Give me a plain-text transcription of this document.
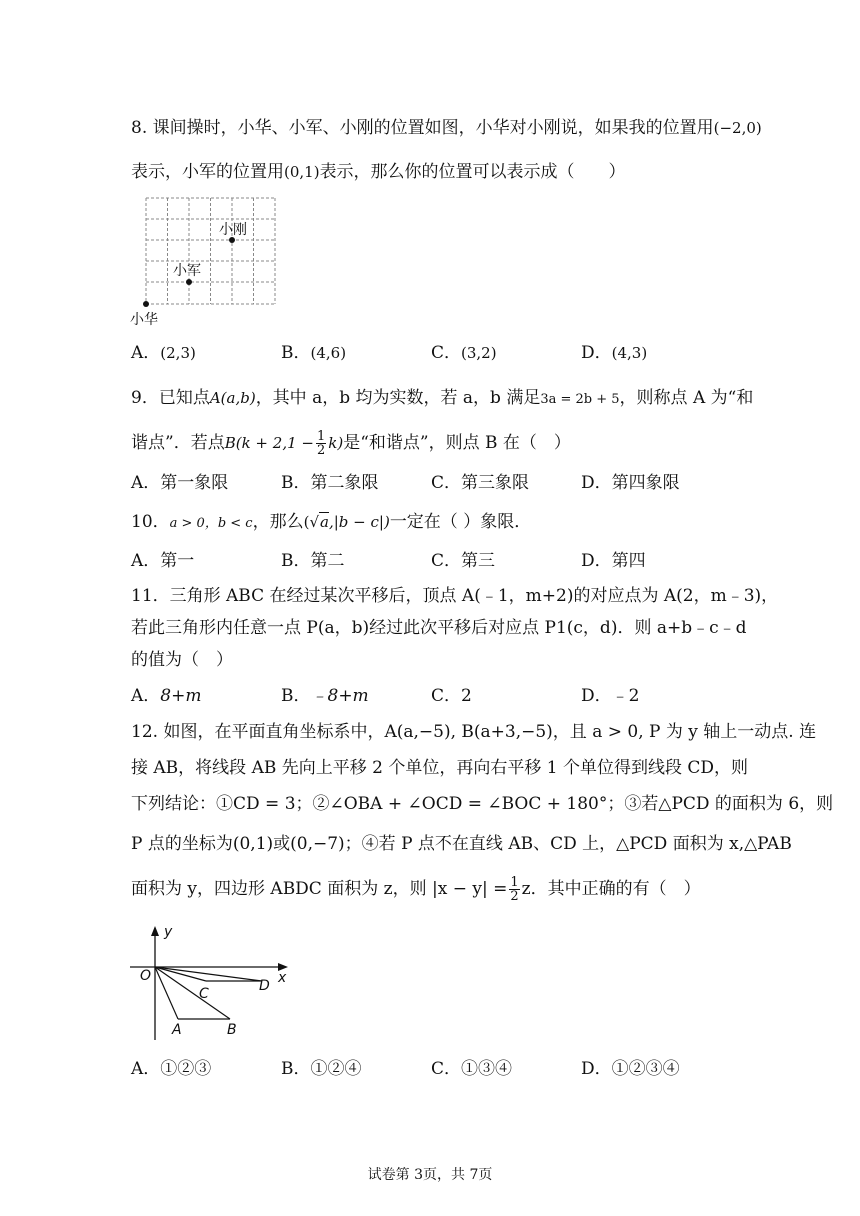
8. 课间操时，小华、小军、小刚的位置如图，小华对小刚说，如果我的位置用(−2,0)
表示，小军的位置用(0,1)表示，那么你的位置可以表示成（　　）
小刚
小军
小华
A．(2,3)	B．(4,6)	C．(3,2)	D．(4,3)
9．已知点A(a,b)，其中 a，b 均为实数，若 a，b 满足3a = 2b + 5，则称点 A 为“和
谐点”．若点$B(k + 2,1 - \frac{1}{2} k)$是“和谐点”，则点 B 在（　）
A．第一象限	B．第二象限	C．第三象限	D．第四象限
10．a > 0，b < c，那么(√a,|b − c|)一定在（ ）象限．
A．第一	B．第二	C．第三	D．第四
11．三角形 ABC 在经过某次平移后，顶点 A(﹣1，m+2)的对应点为 A(2，m﹣3)，
若此三角形内任意一点 P(a，b)经过此次平移后对应点 P1(c，d)．则 a+b﹣c﹣d
的值为（　）
A．8+m	B．﹣8+m	C．2	D．﹣2
12. 如图，在平面直角坐标系中，A(a,−5), B(a+3,−5)，且 a > 0, P 为 y 轴上一动点. 连
接 AB，将线段 AB 先向上平移 2 个单位，再向右平移 1 个单位得到线段 CD，则
下列结论：①CD = 3；②∠OBA + ∠OCD = ∠BOC + 180°；③若△PCD 的面积为 6，则
P 点的坐标为(0,1)或(0,−7)；④若 P 点不在直线 AB、CD 上，△PCD 面积为 x,△PAB
面积为 y，四边形 ABDC 面积为 z，则 $|x - y| = \frac{1}{2}$ z．其中正确的有（　）
y
x
O
C	D
A	B
A．①②③	B．①②④	C．①③④	D．①②③④
试卷第 3页，共 7页
